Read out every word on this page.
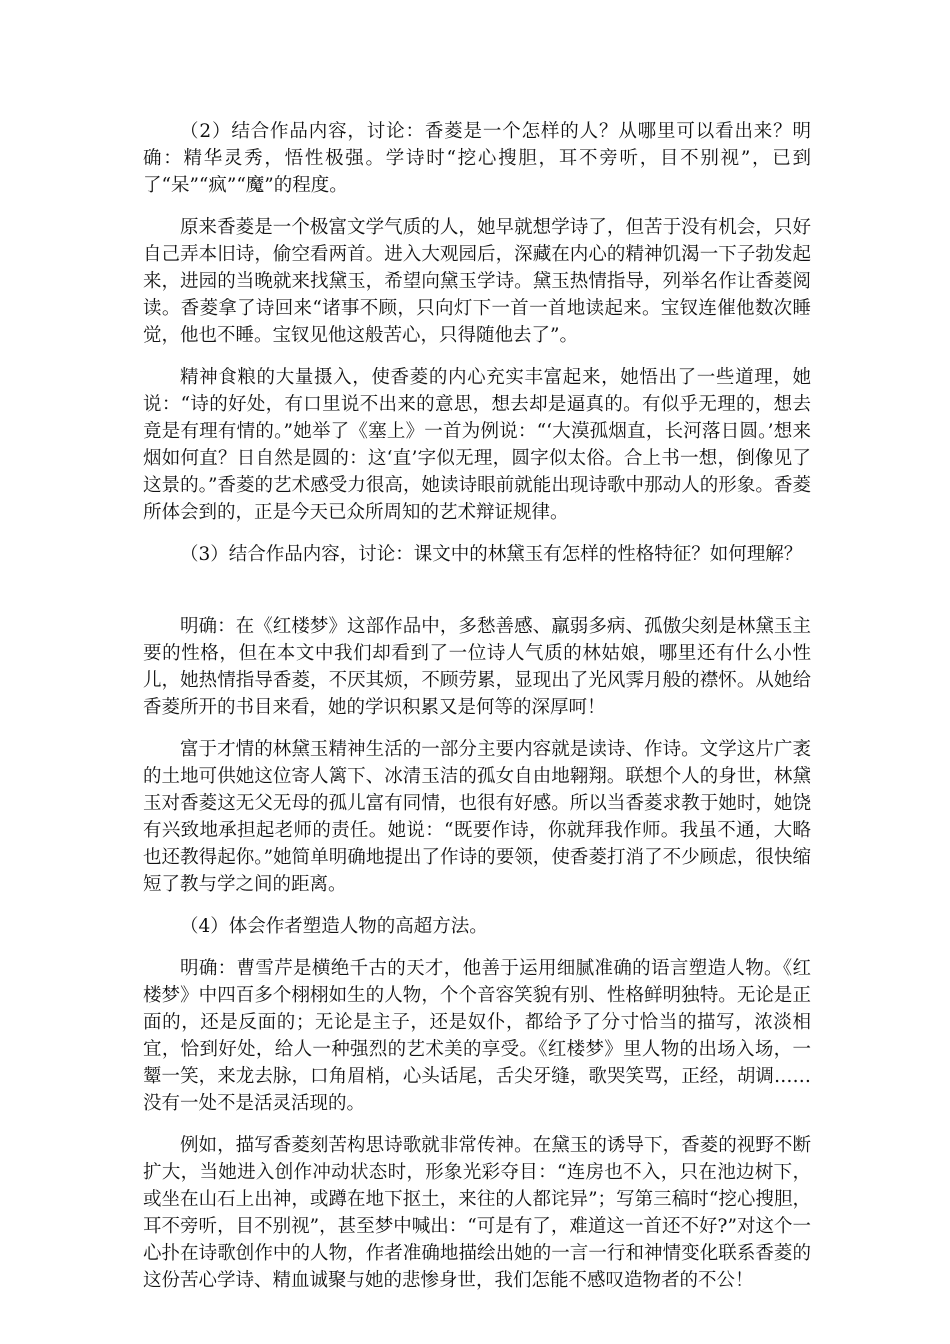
（2）结合作品内容，讨论：香菱是一个怎样的人？从哪里可以看出来？明确：精华灵秀，悟性极强。学诗时“挖心搜胆，耳不旁听，目不别视”，已到了“呆”“疯”“魔”的程度。

原来香菱是一个极富文学气质的人，她早就想学诗了，但苦于没有机会，只好自己弄本旧诗，偷空看两首。进入大观园后，深藏在内心的精神饥渴一下子勃发起来，进园的当晚就来找黛玉，希望向黛玉学诗。黛玉热情指导，列举名作让香菱阅读。香菱拿了诗回来“诸事不顾，只向灯下一首一首地读起来。宝钗连催他数次睡觉，他也不睡。宝钗见他这般苦心，只得随他去了”。

精神食粮的大量摄入，使香菱的内心充实丰富起来，她悟出了一些道理，她说：“诗的好处，有口里说不出来的意思，想去却是逼真的。有似乎无理的，想去竟是有理有情的。”她举了《塞上》一首为例说：“‘大漠孤烟直，长河落日圆。’想来烟如何直？日自然是圆的：这‘直’字似无理，圆字似太俗。合上书一想，倒像见了这景的。”香菱的艺术感受力很高，她读诗眼前就能出现诗歌中那动人的形象。香菱所体会到的，正是今天已众所周知的艺术辩证规律。

（3）结合作品内容，讨论：课文中的林黛玉有怎样的性格特征？如何理解？

明确：在《红楼梦》这部作品中，多愁善感、羸弱多病、孤傲尖刻是林黛玉主要的性格，但在本文中我们却看到了一位诗人气质的林姑娘，哪里还有什么小性儿，她热情指导香菱，不厌其烦，不顾劳累，显现出了光风霁月般的襟怀。从她给香菱所开的书目来看，她的学识积累又是何等的深厚呵！

富于才情的林黛玉精神生活的一部分主要内容就是读诗、作诗。文学这片广袤的土地可供她这位寄人篱下、冰清玉洁的孤女自由地翱翔。联想个人的身世，林黛玉对香菱这无父无母的孤儿富有同情，也很有好感。所以当香菱求教于她时，她饶有兴致地承担起老师的责任。她说：“既要作诗，你就拜我作师。我虽不通，大略也还教得起你。”她简单明确地提出了作诗的要领，使香菱打消了不少顾虑，很快缩短了教与学之间的距离。

（4）体会作者塑造人物的高超方法。

明确：曹雪芹是横绝千古的天才，他善于运用细腻准确的语言塑造人物。《红楼梦》中四百多个栩栩如生的人物，个个音容笑貌有别、性格鲜明独特。无论是正面的，还是反面的；无论是主子，还是奴仆，都给予了分寸恰当的描写，浓淡相宜，恰到好处，给人一种强烈的艺术美的享受。《红楼梦》里人物的出场入场，一颦一笑，来龙去脉，口角眉梢，心头话尾，舌尖牙缝，歌哭笑骂，正经，胡调……没有一处不是活灵活现的。

例如，描写香菱刻苦构思诗歌就非常传神。在黛玉的诱导下，香菱的视野不断扩大，当她进入创作冲动状态时，形象光彩夺目：“连房也不入，只在池边树下，或坐在山石上出神，或蹲在地下抠土，来往的人都诧异”；写第三稿时“挖心搜胆，耳不旁听，目不别视”，甚至梦中喊出：“可是有了，难道这一首还不好?”对这个一心扑在诗歌创作中的人物，作者准确地描绘出她的一言一行和神情变化联系香菱的这份苦心学诗、精血诚聚与她的悲惨身世，我们怎能不感叹造物者的不公！
